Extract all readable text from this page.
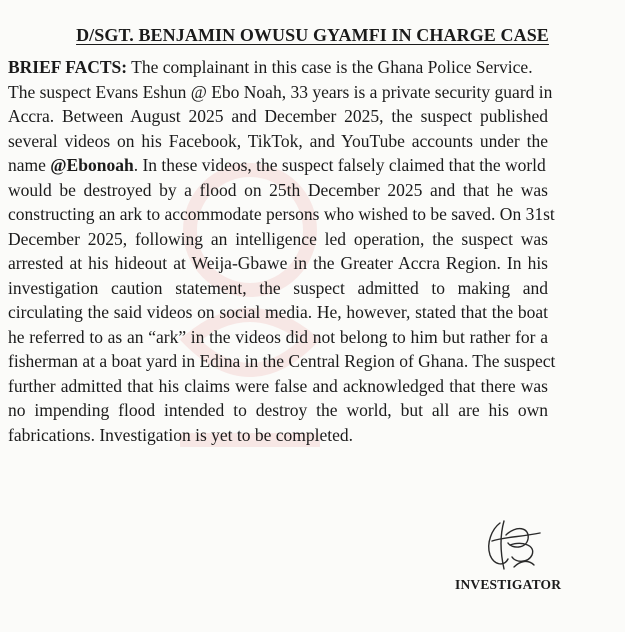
D/SGT. BENJAMIN OWUSU GYAMFI IN CHARGE CASE
BRIEF FACTS: The complainant in this case is the Ghana Police Service.
The suspect Evans Eshun @ Ebo Noah, 33 years is a private security guard in
Accra. Between August 2025 and December 2025, the suspect published
several videos on his Facebook, TikTok, and YouTube accounts under the
name @Ebonoah. In these videos, the suspect falsely claimed that the world
would be destroyed by a flood on 25th December 2025 and that he was
constructing an ark to accommodate persons who wished to be saved. On 31st
December 2025, following an intelligence led operation, the suspect was
arrested at his hideout at Weija-Gbawe in the Greater Accra Region. In his
investigation caution statement, the suspect admitted to making and
circulating the said videos on social media. He, however, stated that the boat
he referred to as an “ark” in the videos did not belong to him but rather for a
fisherman at a boat yard in Edina in the Central Region of Ghana. The suspect
further admitted that his claims were false and acknowledged that there was
no impending flood intended to destroy the world, but all are his own
fabrications. Investigation is yet to be completed.
INVESTIGATOR
